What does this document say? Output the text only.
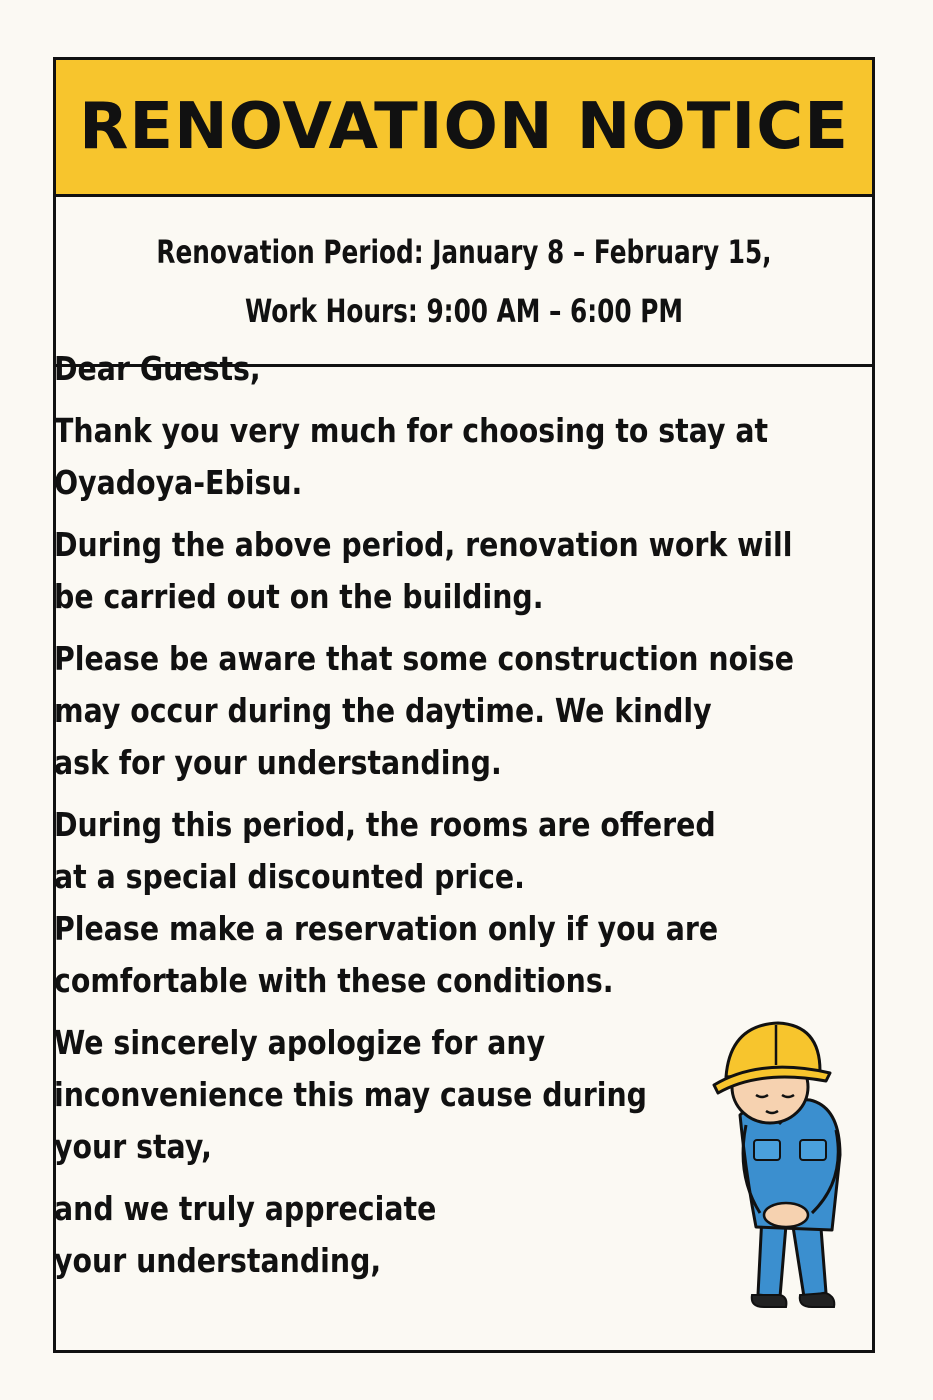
RENOVATION NOTICE
Renovation Period: January 8 – February 15,
Work Hours: 9:00 AM – 6:00 PM
Dear Guests,
Thank you very much for choosing to stay at
Oyadoya-Ebisu.
During the above period, renovation work will
be carried out on the building.
Please be aware that some construction noise
may occur during the daytime. We kindly
ask for your understanding.
During this period, the rooms are offered
at a special discounted price.
Please make a reservation only if you are
comfortable with these conditions.
We sincerely apologize for any
inconvenience this may cause during
your stay,
and we truly appreciate
your understanding,
